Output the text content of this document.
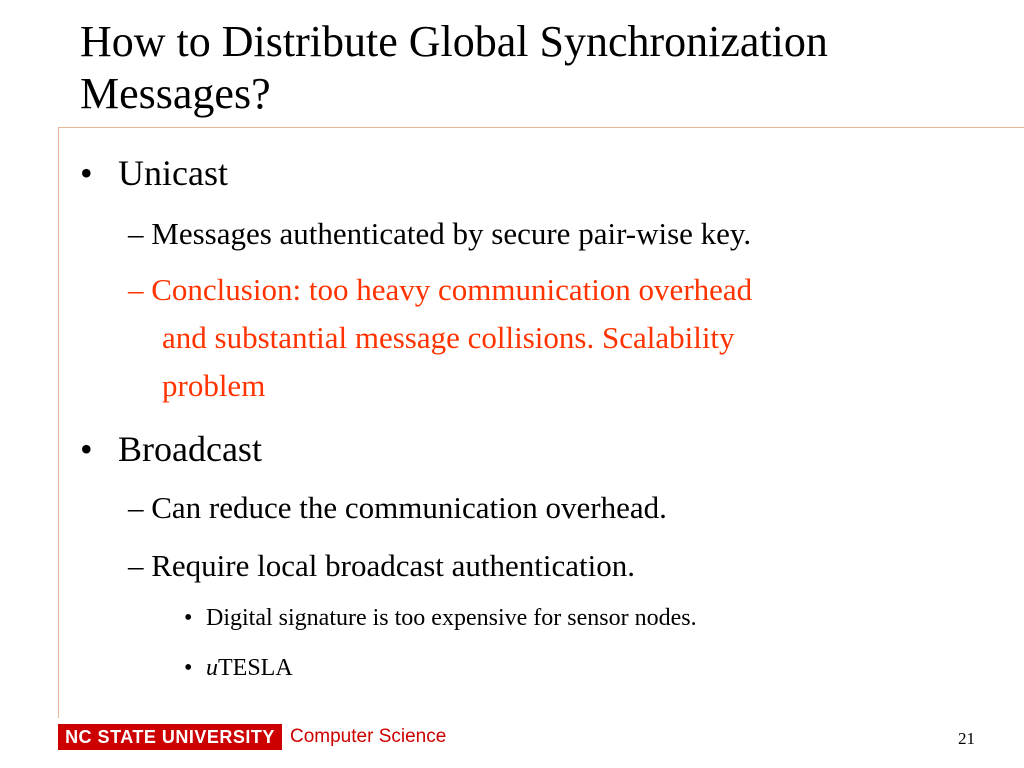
How to Distribute Global Synchronization Messages?
• Unicast
– Messages authenticated by secure pair-wise key.
– Conclusion: too heavy communication overhead
and substantial message collisions. Scalability
problem
• Broadcast
– Can reduce the communication overhead.
– Require local broadcast authentication.
• Digital signature is too expensive for sensor nodes.
• uTESLA
NC STATE UNIVERSITY Computer Science	21
